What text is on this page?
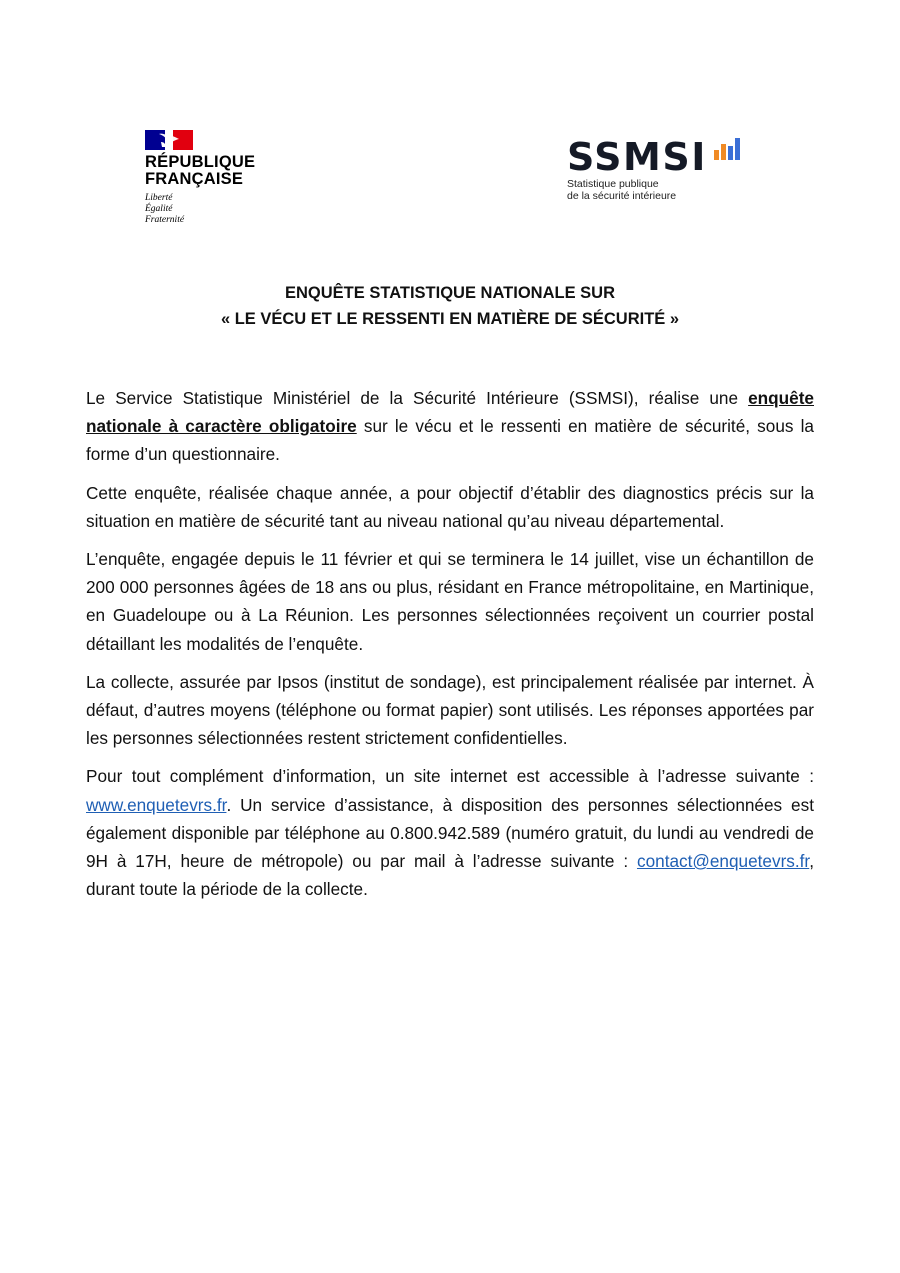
RÉPUBLIQUE
FRANÇAISE
Liberté
Égalité
Fraternité
SSMSI
Statistique publique
de la sécurité intérieure
ENQUÊTE STATISTIQUE NATIONALE SUR
« LE VÉCU ET LE RESSENTI EN MATIÈRE DE SÉCURITÉ »

Le Service Statistique Ministériel de la Sécurité Intérieure (SSMSI), réalise une enquête nationale à caractère obligatoire sur le vécu et le ressenti en matière de sécurité, sous la forme d’un questionnaire.

Cette enquête, réalisée chaque année, a pour objectif d’établir des diagnostics précis sur la situation en matière de sécurité tant au niveau national qu’au niveau départemental.

L’enquête, engagée depuis le 11 février et qui se terminera le 14 juillet, vise un échantillon de 200 000 personnes âgées de 18 ans ou plus, résidant en France métropolitaine, en Martinique, en Guadeloupe ou à La Réunion. Les personnes sélectionnées reçoivent un courrier postal détaillant les modalités de l’enquête.

La collecte, assurée par Ipsos (institut de sondage), est principalement réalisée par internet. À défaut, d’autres moyens (téléphone ou format papier) sont utilisés. Les réponses apportées par les personnes sélectionnées restent strictement confidentielles.

Pour tout complément d’information, un site internet est accessible à l’adresse suivante : www.enquetevrs.fr. Un service d’assistance, à disposition des personnes sélectionnées est également disponible par téléphone au 0.800.942.589 (numéro gratuit, du lundi au vendredi de 9H à 17H, heure de métropole) ou par mail à l’adresse suivante : contact@enquetevrs.fr, durant toute la période de la collecte.
